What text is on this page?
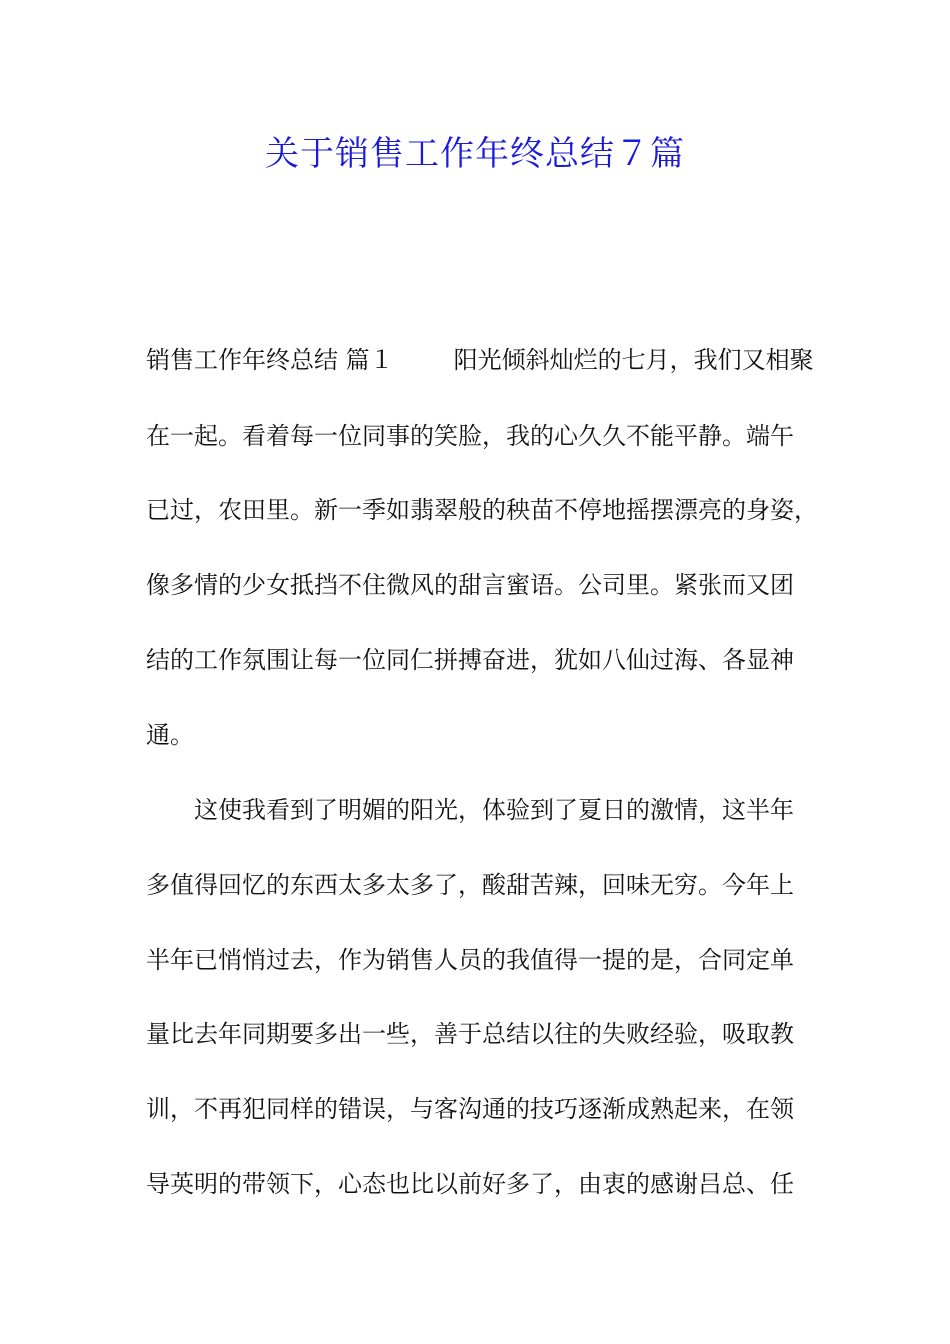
关于销售工作年终总结７篇

销售工作年终总结 篇１	阳光倾斜灿烂的七月，我们又相聚

在一起。看着每一位同事的笑脸，我的心久久不能平静。端午

已过，农田里。新一季如翡翠般的秧苗不停地摇摆漂亮的身姿，

像多情的少女抵挡不住微风的甜言蜜语。公司里。紧张而又团

结的工作氛围让每一位同仁拼搏奋进，犹如八仙过海、各显神

通。

这使我看到了明媚的阳光，体验到了夏日的激情，这半年

多值得回忆的东西太多太多了，酸甜苦辣，回味无穷。今年上

半年已悄悄过去，作为销售人员的我值得一提的是，合同定单

量比去年同期要多出一些，善于总结以往的失败经验，吸取教

训，不再犯同样的错误，与客沟通的技巧逐渐成熟起来，在领

导英明的带领下，心态也比以前好多了，由衷的感谢吕总、任
